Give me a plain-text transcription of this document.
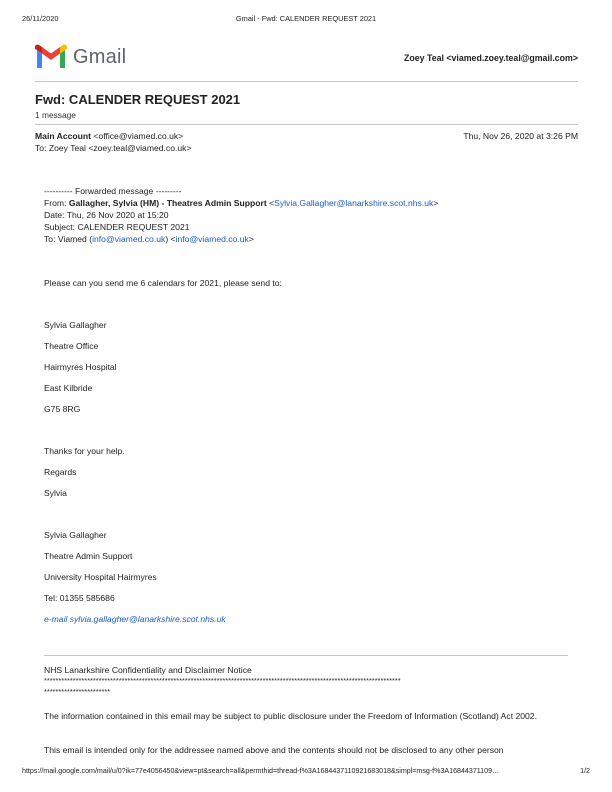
26/11/2020	Gmail - Fwd: CALENDER REQUEST 2021
Gmail	Zoey Teal <viamed.zoey.teal@gmail.com>
Fwd: CALENDER REQUEST 2021
1 message
Main Account <office@viamed.co.uk>	Thu, Nov 26, 2020 at 3:26 PM
To: Zoey Teal <zoey.teal@viamed.co.uk>

---------- Forwarded message ---------

From: Gallagher, Sylvia (HM) - Theatres Admin Support <Sylvia.Gallagher@lanarkshire.scot.nhs.uk>

Date: Thu, 26 Nov 2020 at 15:20

Subject: CALENDER REQUEST 2021

To: Viamed (info@viamed.co.uk) <info@viamed.co.uk>

Please can you send me 6 calendars for 2021, please send to:

Sylvia Gallagher

Theatre Office

Hairmyres Hospital

East Kilbride

G75 8RG

Thanks for your help.

Regards

Sylvia

Sylvia Gallagher

Theatre Admin Support

University Hospital Hairmyres

Tel: 01355 585686

e-mail sylvia.gallagher@lanarkshire.scot.nhs.uk

NHS Lanarkshire Confidentiality and Disclaimer Notice

****************************************************************************************************************************
***********************

The information contained in this email may be subject to public disclosure under the Freedom of Information (Scotland) Act 2002.

This email is intended only for the addressee named above and the contents should not be disclosed to any other person

https://mail.google.com/mail/u/0?ik=77e4056450&view=pt&search=all&permthid=thread-f%3A1684437110921683018&simpl=msg-f%3A16844371109…	1/2
